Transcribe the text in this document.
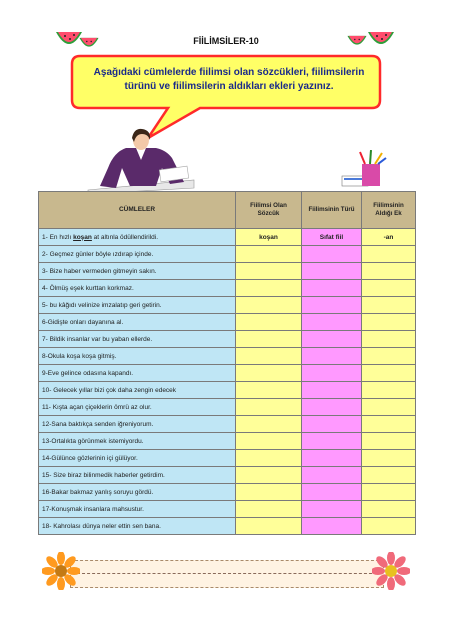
FİİLİMSİLER-10
Aşağıdaki cümlelerde fiilimsi olan sözcükleri, fiilimsilerin türünü ve fiilimsilerin aldıkları ekleri yazınız.
CÜMLELER	Fiilimsi Olan Sözcük	Fiilimsinin Türü	Fiilimsinin Aldığı Ek
1- En hızlı koşan at altınla ödüllendirildi.	koşan	Sıfat fiil	-an
2- Geçmez günler böyle ızdırap içinde.			
3- Bize haber vermeden gitmeyin sakın.			
4- Ölmüş eşek kurttan korkmaz.			
5- bu kâğıdı velinize imzalatıp geri getirin.			
6-Gidişte onları dayanına al.			
7- Bildik insanlar var bu yaban ellerde.			
8-Okula koşa koşa gitmiş.			
9-Eve gelince odasına kapandı.			
10- Gelecek yıllar bizi çok daha zengin edecek			
11- Kışta açan çiçeklerin ömrü az olur.			
12-Sana baktıkça senden iğreniyorum.			
13-Ortalıkta görünmek istemiyordu.			
14-Gülünce gözlerinin içi gülüyor.			
15- Size biraz bilinmedik haberler getirdim.			
16-Bakar bakmaz yanlış soruyu gördü.			
17-Konuşmak insanlara mahsustur.			
18- Kahrolası dünya neler ettin sen bana.			
